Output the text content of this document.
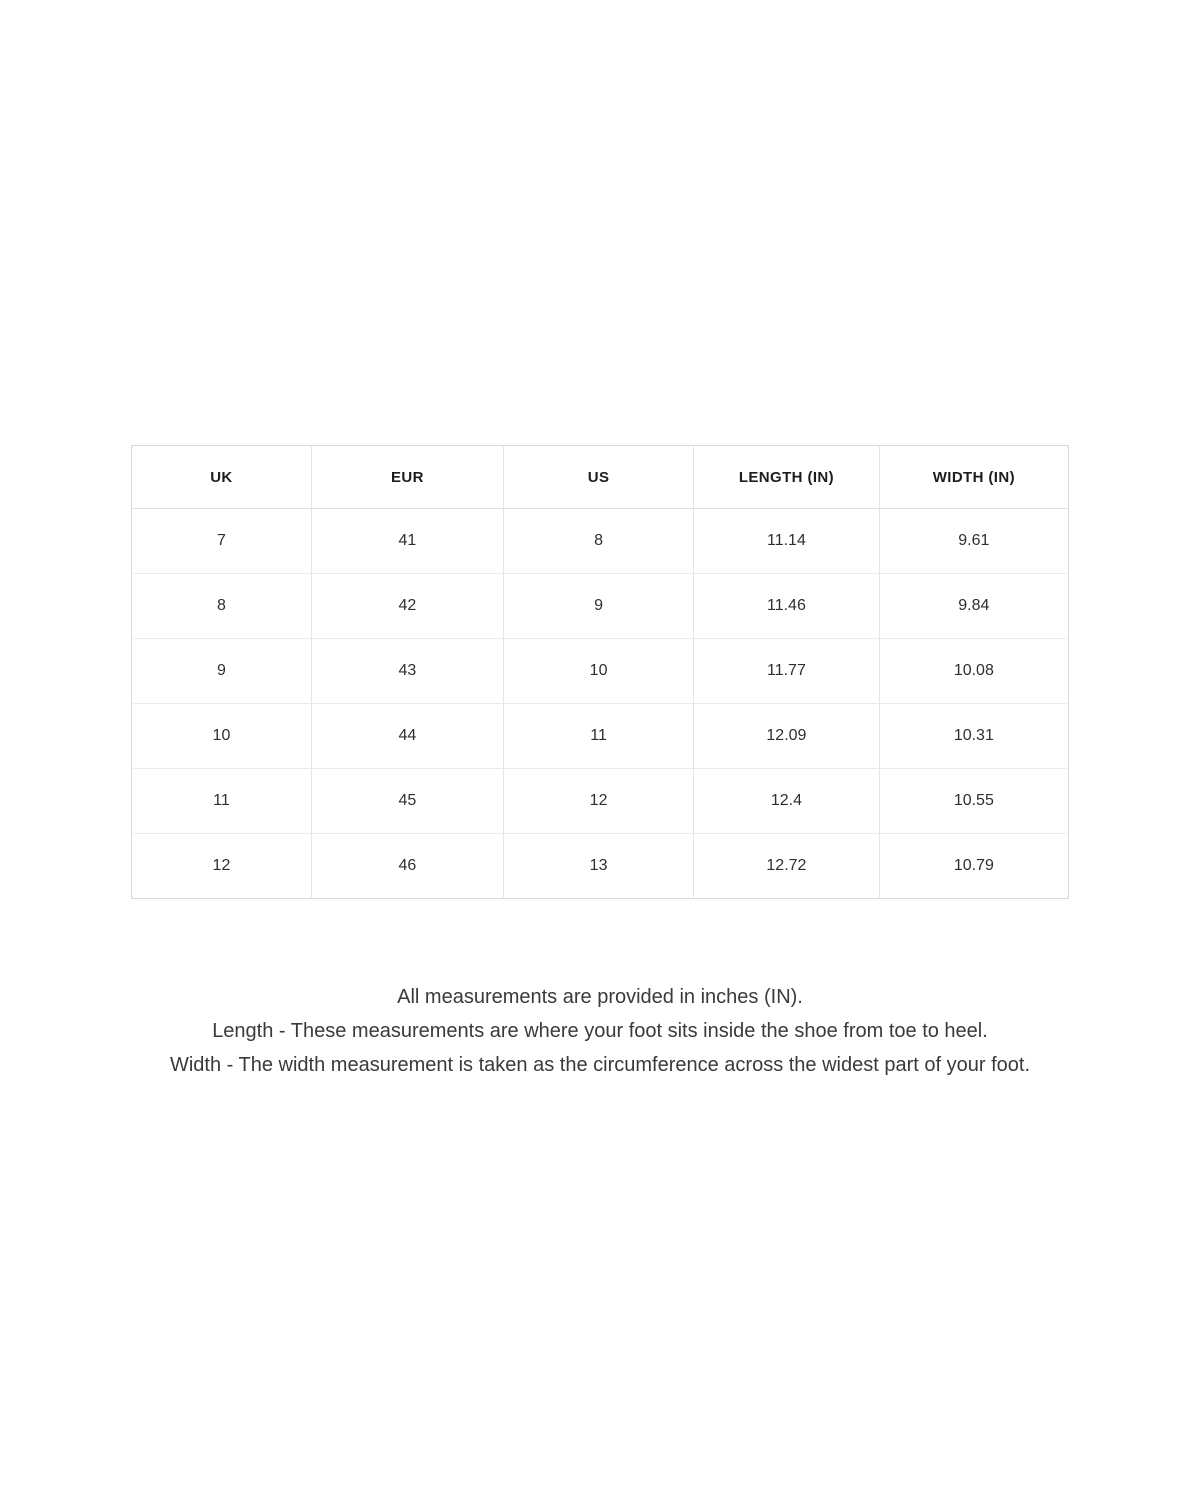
UK	EUR	US	LENGTH (IN)	WIDTH (IN)
7	41	8	11.14	9.61
8	42	9	11.46	9.84
9	43	10	11.77	10.08
10	44	11	12.09	10.31
11	45	12	12.4	10.55
12	46	13	12.72	10.79

All measurements are provided in inches (IN).

Length - These measurements are where your foot sits inside the shoe from toe to heel.

Width - The width measurement is taken as the circumference across the widest part of your foot.
